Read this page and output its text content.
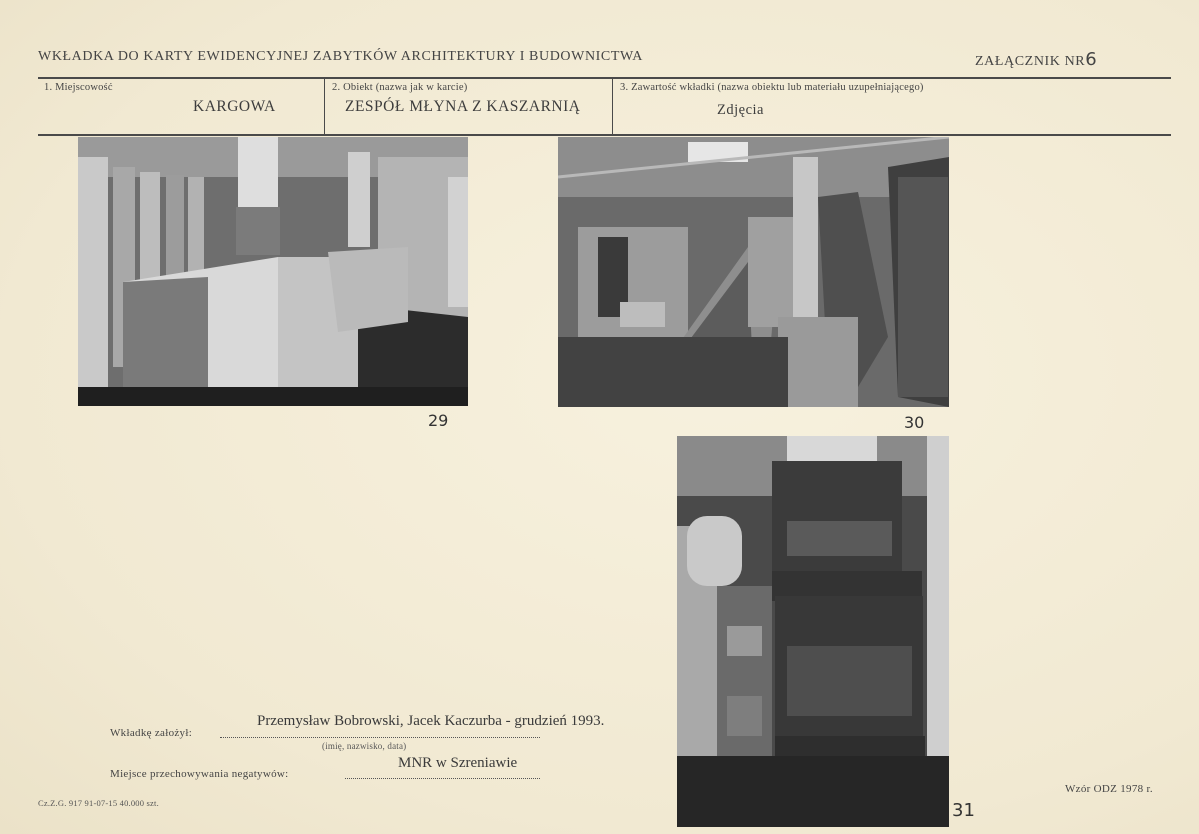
WKŁADKA DO KARTY EWIDENCYJNEJ ZABYTKÓW ARCHITEKTURY I BUDOWNICTWA	ZAŁĄCZNIK NR6
1. Miejscowość
KARGOWA
2. Obiekt (nazwa jak w karcie)
ZESPÓŁ MŁYNA Z KASZARNIĄ
3. Zawartość wkładki (nazwa obiektu lub materiału uzupełniającego)
Zdjęcia
29	30
31
Wkładkę założył:
Przemysław Bobrowski, Jacek Kaczurba - grudzień 1993.
(imię, nazwisko, data)
Miejsce przechowywania negatywów:
MNR w Szreniawie
Cz.Z.G. 917 91-07-15 40.000 szt.
Wzór ODZ 1978 r.
